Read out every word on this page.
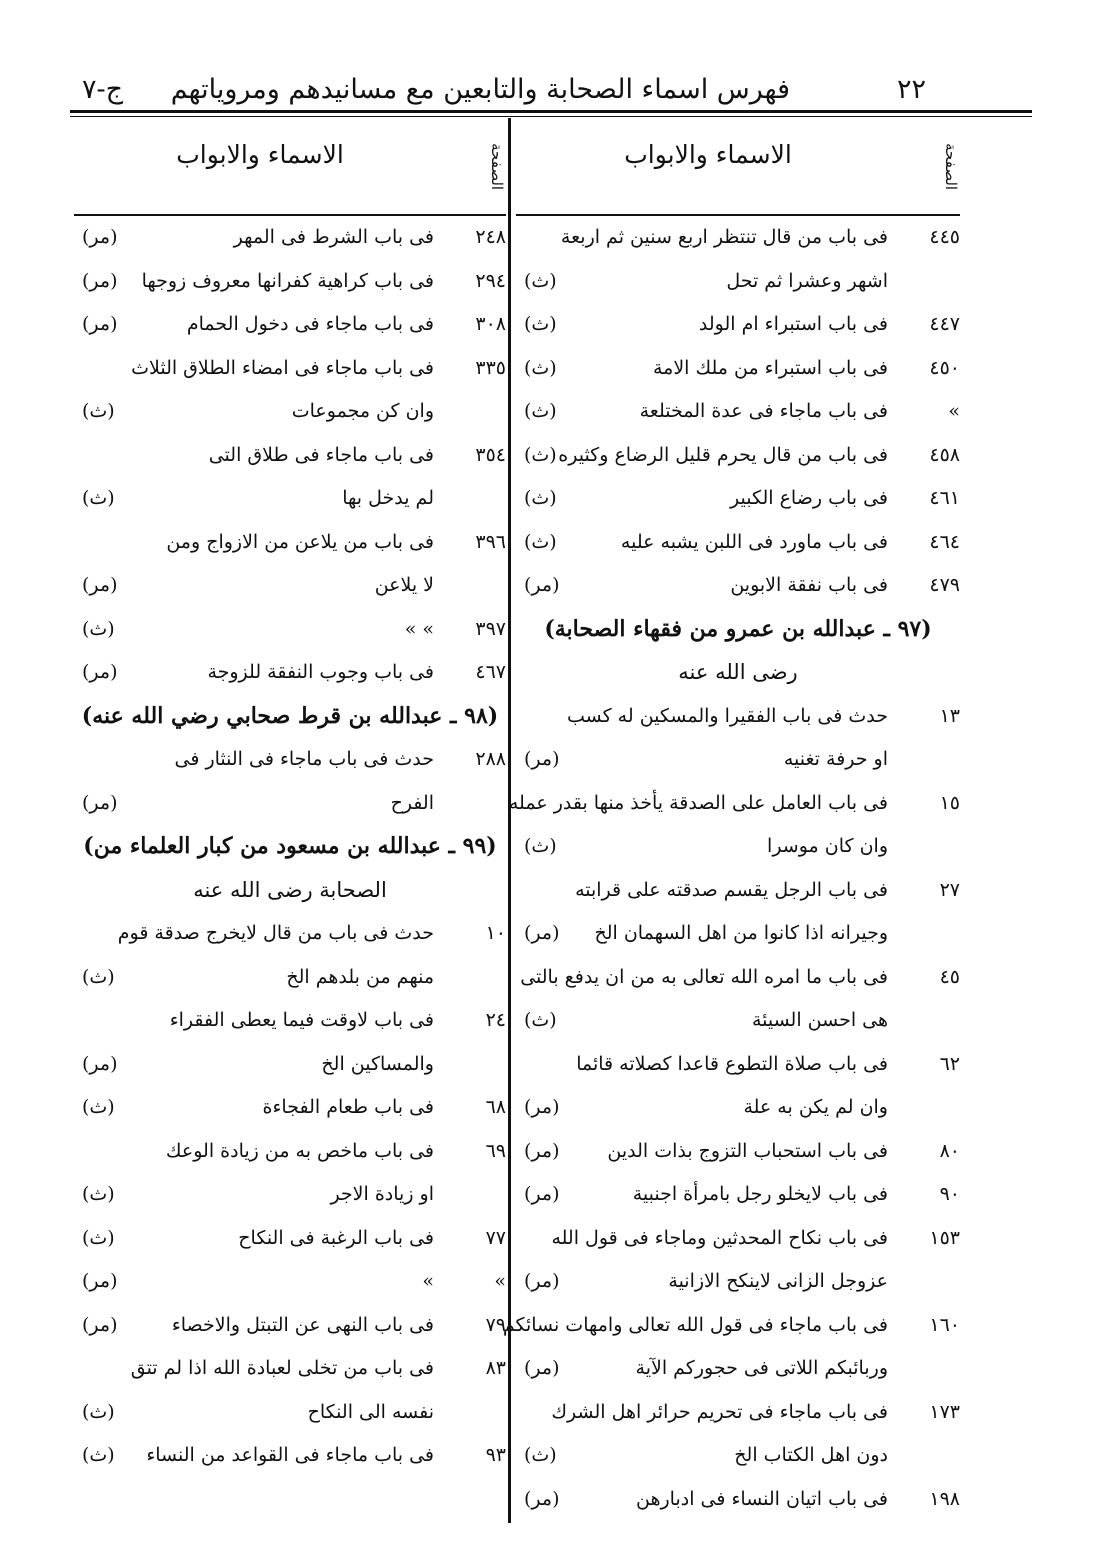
٢٢
فهرس اسماء الصحابة والتابعين مع مسانيدهم ومروياتهم
ج-٧
الصفحة
الاسماء والابواب
٤٤٥
فى باب من قال تنتظر اربع سنين ثم اربعة
اشهر وعشرا ثم تحل
(ث)
٤٤٧
فى باب استبراء ام الولد
(ث)
٤٥٠
فى باب استبراء من ملك الامة
(ث)
»
فى باب ماجاء فى عدة المختلعة
(ث)
٤٥٨
فى باب من قال يحرم قليل الرضاع وكثيره
(ث)
٤٦١
فى باب رضاع الكبير
(ث)
٤٦٤
فى باب ماورد فى اللبن يشبه عليه
(ث)
٤٧٩
فى باب نفقة الابوين
(مر)
(٩٧ ـ عبدالله بن عمرو من فقهاء الصحابة)
رضى الله عنه
١٣
حدث فى باب الفقيرا والمسكين له كسب
او حرفة تغنيه
(مر)
١٥
فى باب العامل على الصدقة يأخذ منها بقدر عمله
وان كان موسرا
(ث)
٢٧
فى باب الرجل يقسم صدقته على قرابته
وجيرانه اذا كانوا من اهل السهمان الخ
(مر)
٤٥
فى باب ما امره الله تعالى به من ان يدفع بالتى
هى احسن السيئة
(ث)
٦٢
فى باب صلاة التطوع قاعدا كصلاته قائما
وان لم يكن به علة
(مر)
٨٠
فى باب استحباب التزوج بذات الدين
(مر)
٩٠
فى باب لايخلو رجل بامرأة اجنبية
(مر)
١٥٣
فى باب نكاح المحدثين وماجاء فى قول الله
عزوجل الزانى لاينكح الازانية
(مر)
١٦٠
فى باب ماجاء فى قول الله تعالى وامهات نسائكم
وربائبكم اللاتى فى حجوركم الآية
(مر)
١٧٣
فى باب ماجاء فى تحريم حرائر اهل الشرك
دون اهل الكتاب الخ
(ث)
١٩٨
فى باب اتيان النساء فى ادبارهن
(مر)
الصفحة
الاسماء والابواب
٢٤٨
فى باب الشرط فى المهر
(مر)
٢٩٤
فى باب كراهية كفرانها معروف زوجها
(مر)
٣٠٨
فى باب ماجاء فى دخول الحمام
(مر)
٣٣٥
فى باب ماجاء فى امضاء الطلاق الثلاث
وان كن مجموعات
(ث)
٣٥٤
فى باب ماجاء فى طلاق التى
لم يدخل بها
(ث)
٣٩٦
فى باب من يلاعن من الازواج ومن
لا يلاعن
(مر)
٣٩٧
» »
(ث)
٤٦٧
فى باب وجوب النفقة للزوجة
(مر)
(٩٨ ـ عبدالله بن قرط صحابي رضي الله عنه)
٢٨٨
حدث فى باب ماجاء فى النثار فى
الفرح
(مر)
(٩٩ ـ عبدالله بن مسعود من كبار العلماء من)
الصحابة رضى الله عنه
١٠
حدث فى باب من قال لايخرج صدقة قوم
منهم من بلدهم الخ
(ث)
٢٤
فى باب لاوقت فيما يعطى الفقراء
والمساكين الخ
(مر)
٦٨
فى باب طعام الفجاءة
(ث)
٦٩
فى باب ماخص به من زيادة الوعك
او زيادة الاجر
(ث)
٧٧
فى باب الرغبة فى النكاح
(ث)
»
»
(مر)
٧٩
فى باب النهى عن التبتل والاخصاء
(مر)
٨٣
فى باب من تخلى لعبادة الله اذا لم تتق
نفسه الى النكاح
(ث)
٩٣
فى باب ماجاء فى القواعد من النساء
(ث)
